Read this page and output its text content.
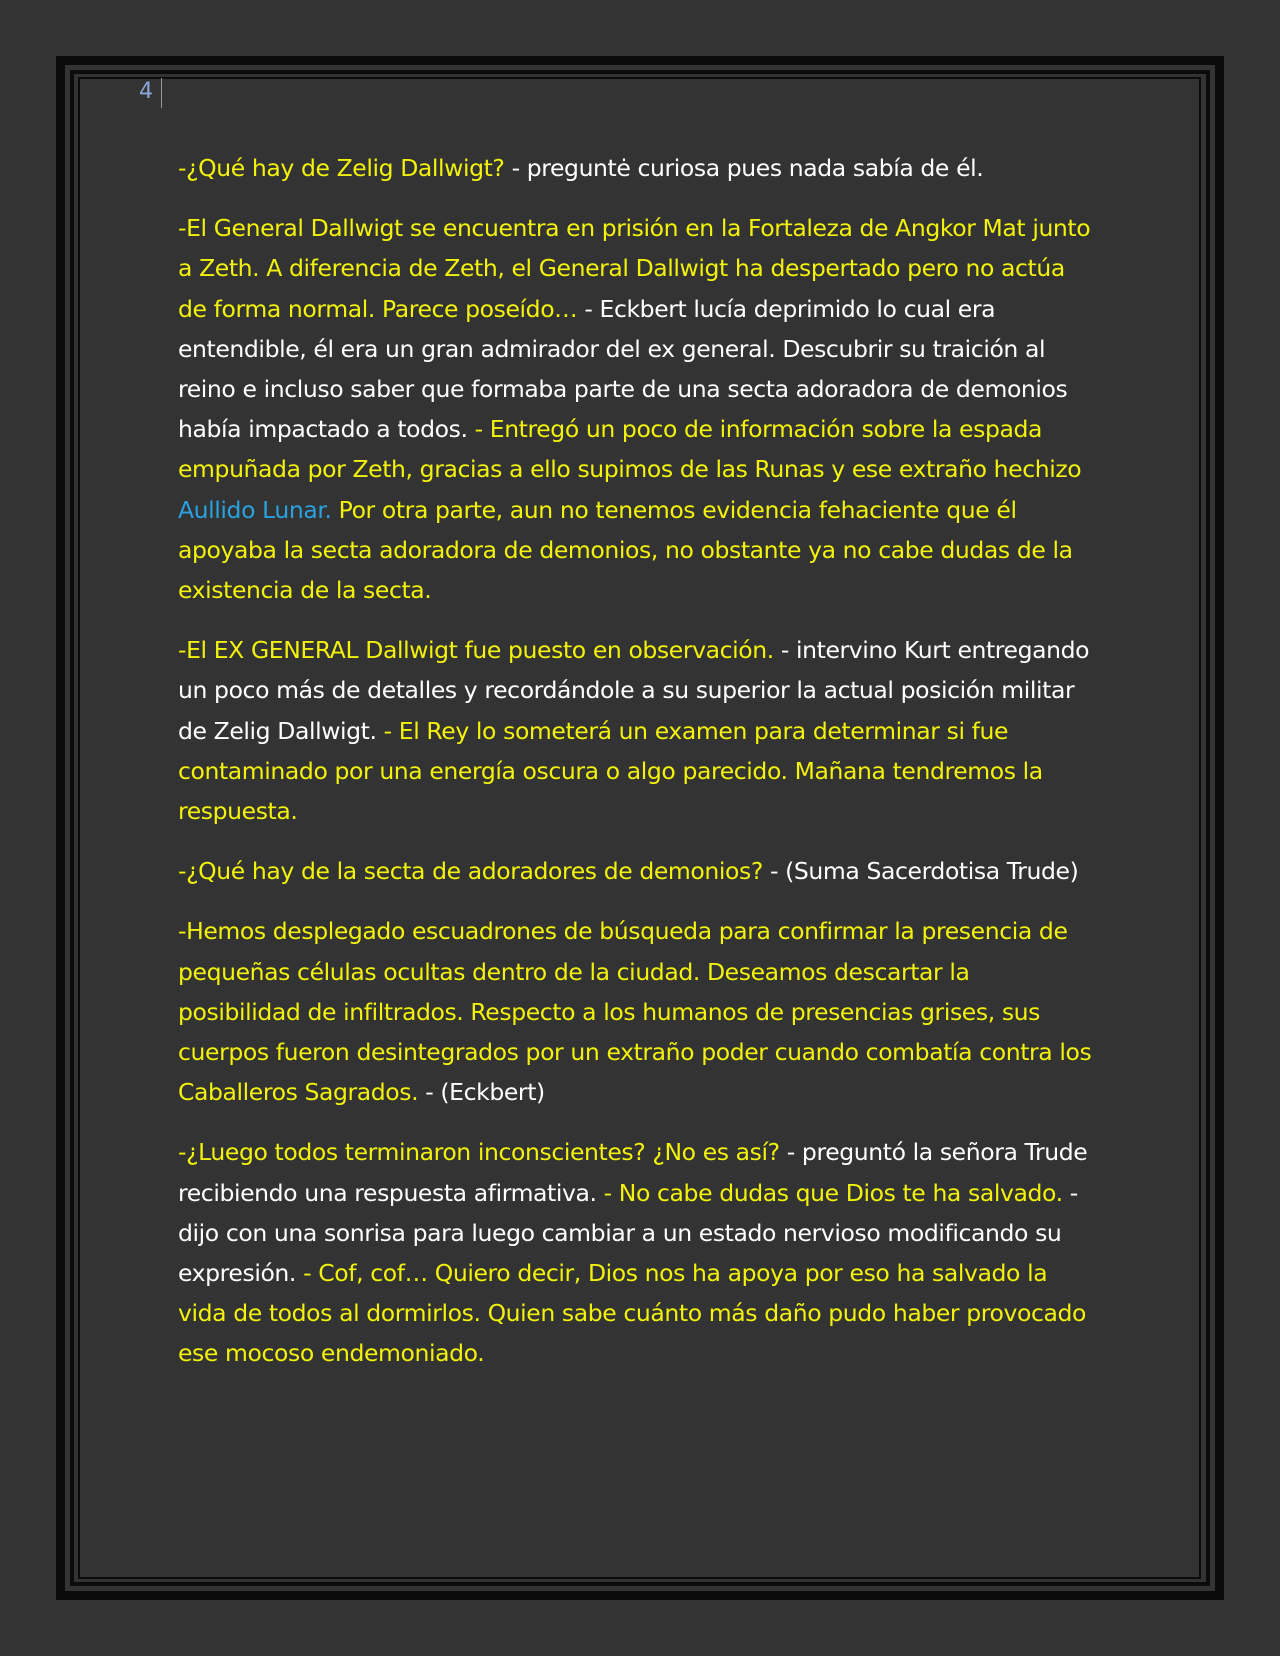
4

-¿Qué hay de Zelig Dallwigt? - preguntė curiosa pues nada sabía de él.

-El General Dallwigt se encuentra en prisión en la Fortaleza de Angkor Mat junto a Zeth. A diferencia de Zeth, el General Dallwigt ha despertado pero no actúa de forma normal. Parece poseído… - Eckbert lucía deprimido lo cual era entendible, él era un gran admirador del ex general. Descubrir su traición al reino e incluso saber que formaba parte de una secta adoradora de demonios había impactado a todos. - Entregó un poco de información sobre la espada empuñada por Zeth, gracias a ello supimos de las Runas y ese extraño hechizo Aullido Lunar. Por otra parte, aun no tenemos evidencia fehaciente que él apoyaba la secta adoradora de demonios, no obstante ya no cabe dudas de la existencia de la secta.

-El EX GENERAL Dallwigt fue puesto en observación. - intervino Kurt entregando un poco más de detalles y recordándole a su superior la actual posición militar de Zelig Dallwigt. - El Rey lo someterá un examen para determinar si fue contaminado por una energía oscura o algo parecido. Mañana tendremos la respuesta.

-¿Qué hay de la secta de adoradores de demonios? - (Suma Sacerdotisa Trude)

-Hemos desplegado escuadrones de búsqueda para confirmar la presencia de pequeñas células ocultas dentro de la ciudad. Deseamos descartar la posibilidad de infiltrados. Respecto a los humanos de presencias grises, sus cuerpos fueron desintegrados por un extraño poder cuando combatía contra los Caballeros Sagrados. - (Eckbert)

-¿Luego todos terminaron inconscientes? ¿No es así? - preguntó la señora Trude recibiendo una respuesta afirmativa. - No cabe dudas que Dios te ha salvado. - dijo con una sonrisa para luego cambiar a un estado nervioso modificando su expresión. - Cof, cof… Quiero decir, Dios nos ha apoya por eso ha salvado la vida de todos al dormirlos. Quien sabe cuánto más daño pudo haber provocado ese mocoso endemoniado.
